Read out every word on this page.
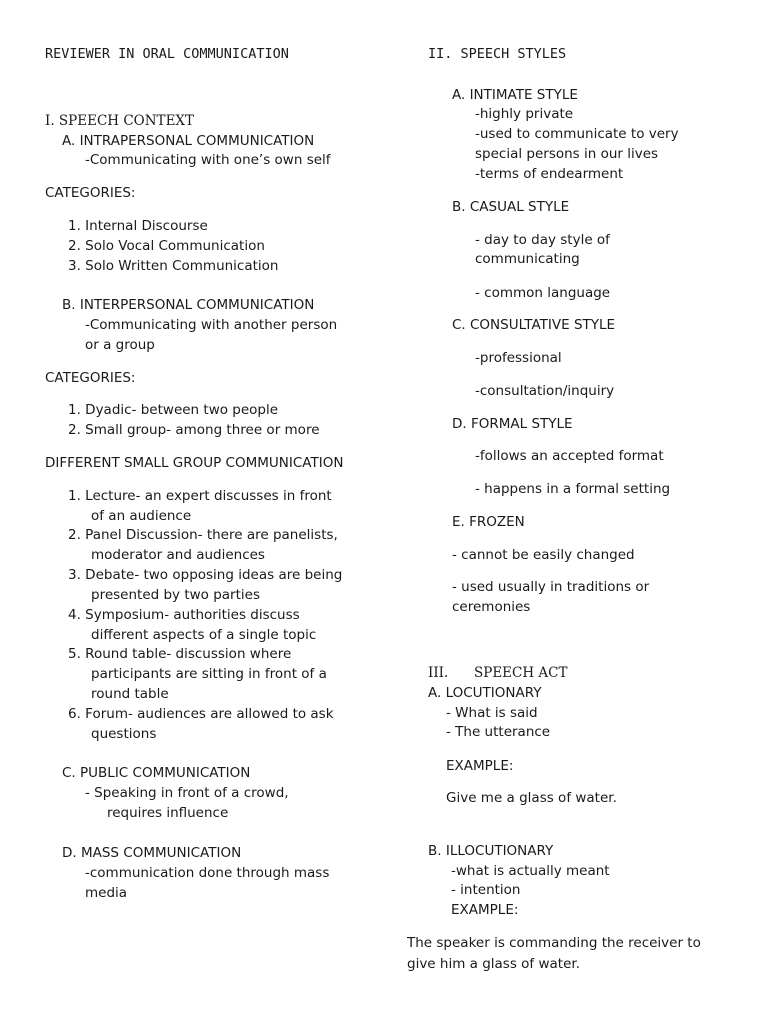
REVIEWER IN ORAL COMMUNICATION
I. SPEECH CONTEXT
A. INTRAPERSONAL COMMUNICATION
-Communicating with one’s own self
CATEGORIES:
1. Internal Discourse
2. Solo Vocal Communication
3. Solo Written Communication
B. INTERPERSONAL COMMUNICATION
-Communicating with another person
or a group
CATEGORIES:
1. Dyadic- between two people
2. Small group- among three or more
DIFFERENT SMALL GROUP COMMUNICATION
1. Lecture- an expert discusses in front
of an audience
2. Panel Discussion- there are panelists,
moderator and audiences
3. Debate- two opposing ideas are being
presented by two parties
4. Symposium- authorities discuss
different aspects of a single topic
5. Round table- discussion where
participants are sitting in front of a
round table
6. Forum- audiences are allowed to ask
questions
C. PUBLIC COMMUNICATION
- Speaking in front of a crowd,
requires influence
D. MASS COMMUNICATION
-communication done through mass
media
II. SPEECH STYLES
A. INTIMATE STYLE
-highly private
-used to communicate to very
special persons in our lives
-terms of endearment
B. CASUAL STYLE
- day to day style of
communicating
- common language
C. CONSULTATIVE STYLE
-professional
-consultation/inquiry
D. FORMAL STYLE
-follows an accepted format
- happens in a formal setting
E. FROZEN
- cannot be easily changed
- used usually in traditions or
ceremonies
III. SPEECH ACT
A. LOCUTIONARY
- What is said
- The utterance
EXAMPLE:
Give me a glass of water.
B. ILLOCUTIONARY
-what is actually meant
- intention
EXAMPLE:
The speaker is commanding the receiver to
give him a glass of water.
